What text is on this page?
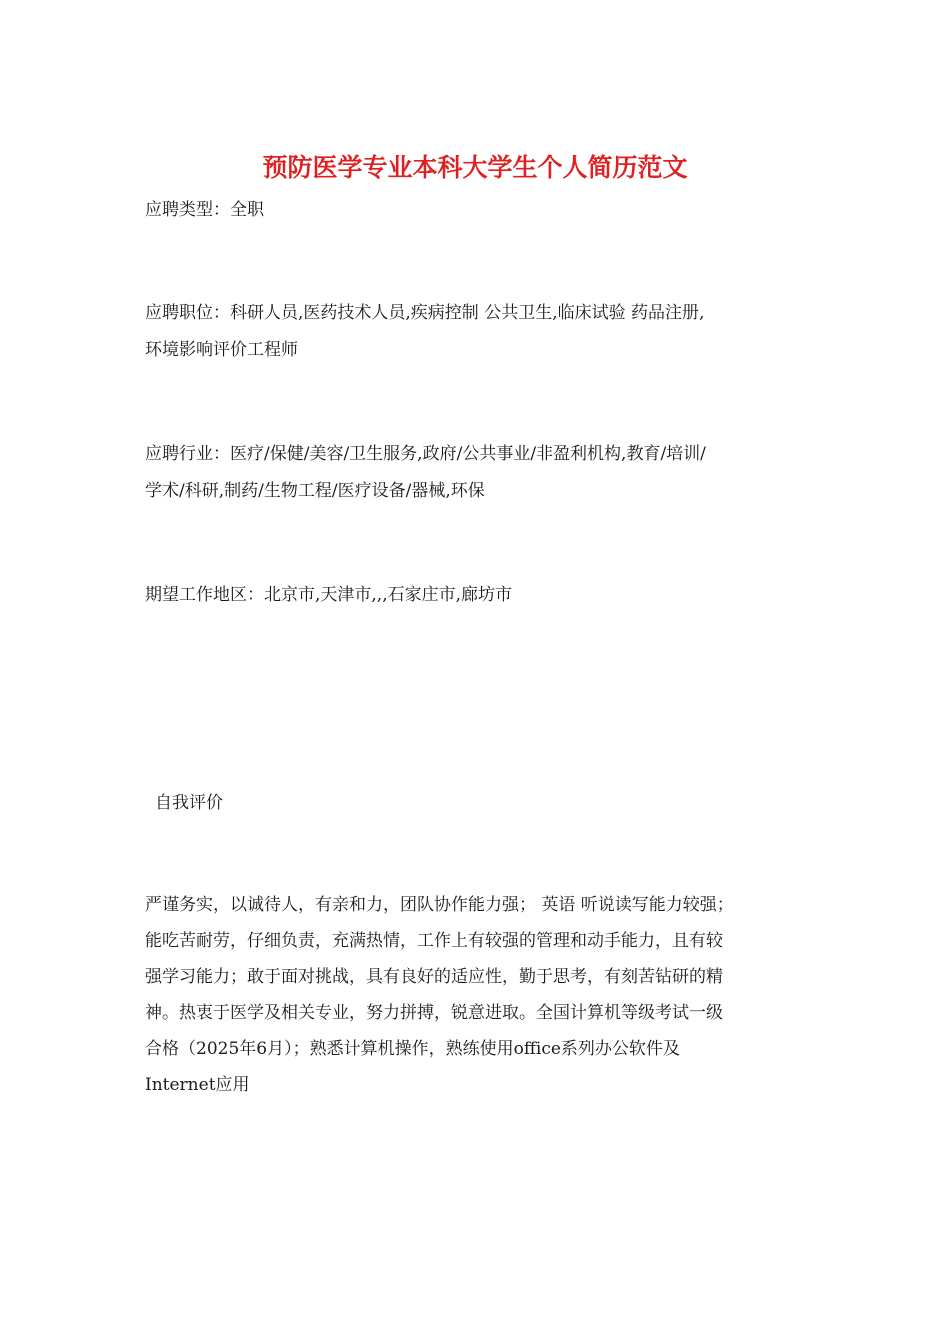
预防医学专业本科大学生个人简历范文
应聘类型：全职
应聘职位：科研人员,医药技术人员,疾病控制 公共卫生,临床试验 药品注册,
环境影响评价工程师
应聘行业：医疗/保健/美容/卫生服务,政府/公共事业/非盈利机构,教育/培训/
学术/科研,制药/生物工程/医疗设备/器械,环保
期望工作地区：北京市,天津市,,,石家庄市,廊坊市
自我评价
严谨务实，以诚待人，有亲和力，团队协作能力强； 英语 听说读写能力较强；
能吃苦耐劳，仔细负责，充满热情，工作上有较强的管理和动手能力，且有较
强学习能力；敢于面对挑战，具有良好的适应性，勤于思考，有刻苦钻研的精
神。热衷于医学及相关专业，努力拼搏，锐意进取。全国计算机等级考试一级
合格（2025年6月）；熟悉计算机操作，熟练使用office系列办公软件及
Internet应用
